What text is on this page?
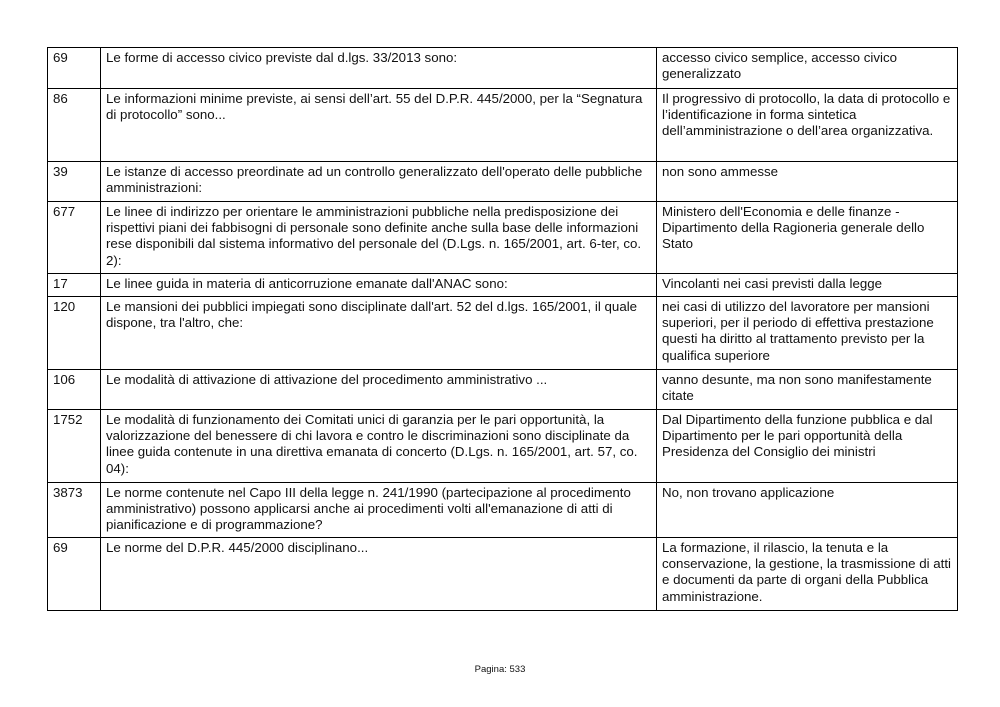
69	Le forme di accesso civico previste dal d.lgs. 33/2013 sono:	accesso civico semplice, accesso civico generalizzato
86	Le informazioni minime previste, ai sensi dell’art. 55 del D.P.R. 445/2000, per la “Segnatura di protocollo” sono...	Il progressivo di protocollo, la data di protocollo e l’identificazione in forma sintetica dell’amministrazione o dell’area organizzativa.
39	Le istanze di accesso preordinate ad un controllo generalizzato dell'operato delle pubbliche amministrazioni:	non sono ammesse
677	Le linee di indirizzo per orientare le amministrazioni pubbliche nella predisposizione dei rispettivi piani dei fabbisogni di personale sono definite anche sulla base delle informazioni rese disponibili dal sistema informativo del personale del (D.Lgs. n. 165/2001, art. 6-ter, co. 2):	Ministero dell'Economia e delle finanze - Dipartimento della Ragioneria generale dello Stato
17	Le linee guida in materia di anticorruzione emanate dall'ANAC sono:	Vincolanti nei casi previsti dalla legge
120	Le mansioni dei pubblici impiegati sono disciplinate dall'art. 52 del d.lgs. 165/2001, il quale dispone, tra l'altro, che:	nei casi di utilizzo del lavoratore per mansioni superiori, per il periodo di effettiva prestazione questi ha diritto al trattamento previsto per la qualifica superiore
106	Le modalità di attivazione di attivazione del procedimento amministrativo ...	vanno desunte, ma non sono manifestamente citate
1752	Le modalità di funzionamento dei Comitati unici di garanzia per le pari opportunità, la valorizzazione del benessere di chi lavora e contro le discriminazioni sono disciplinate da linee guida contenute in una direttiva emanata di concerto (D.Lgs. n. 165/2001, art. 57, co. 04):	Dal Dipartimento della funzione pubblica e dal Dipartimento per le pari opportunità della Presidenza del Consiglio dei ministri
3873	Le norme contenute nel Capo III della legge n. 241/1990 (partecipazione al procedimento amministrativo) possono applicarsi anche ai procedimenti volti all'emanazione di atti di pianificazione e di programmazione?	No, non trovano applicazione
69	Le norme del D.P.R. 445/2000 disciplinano...	La formazione, il rilascio, la tenuta e la conservazione, la gestione, la trasmissione di atti e documenti da parte di organi della Pubblica amministrazione.
Pagina: 533
